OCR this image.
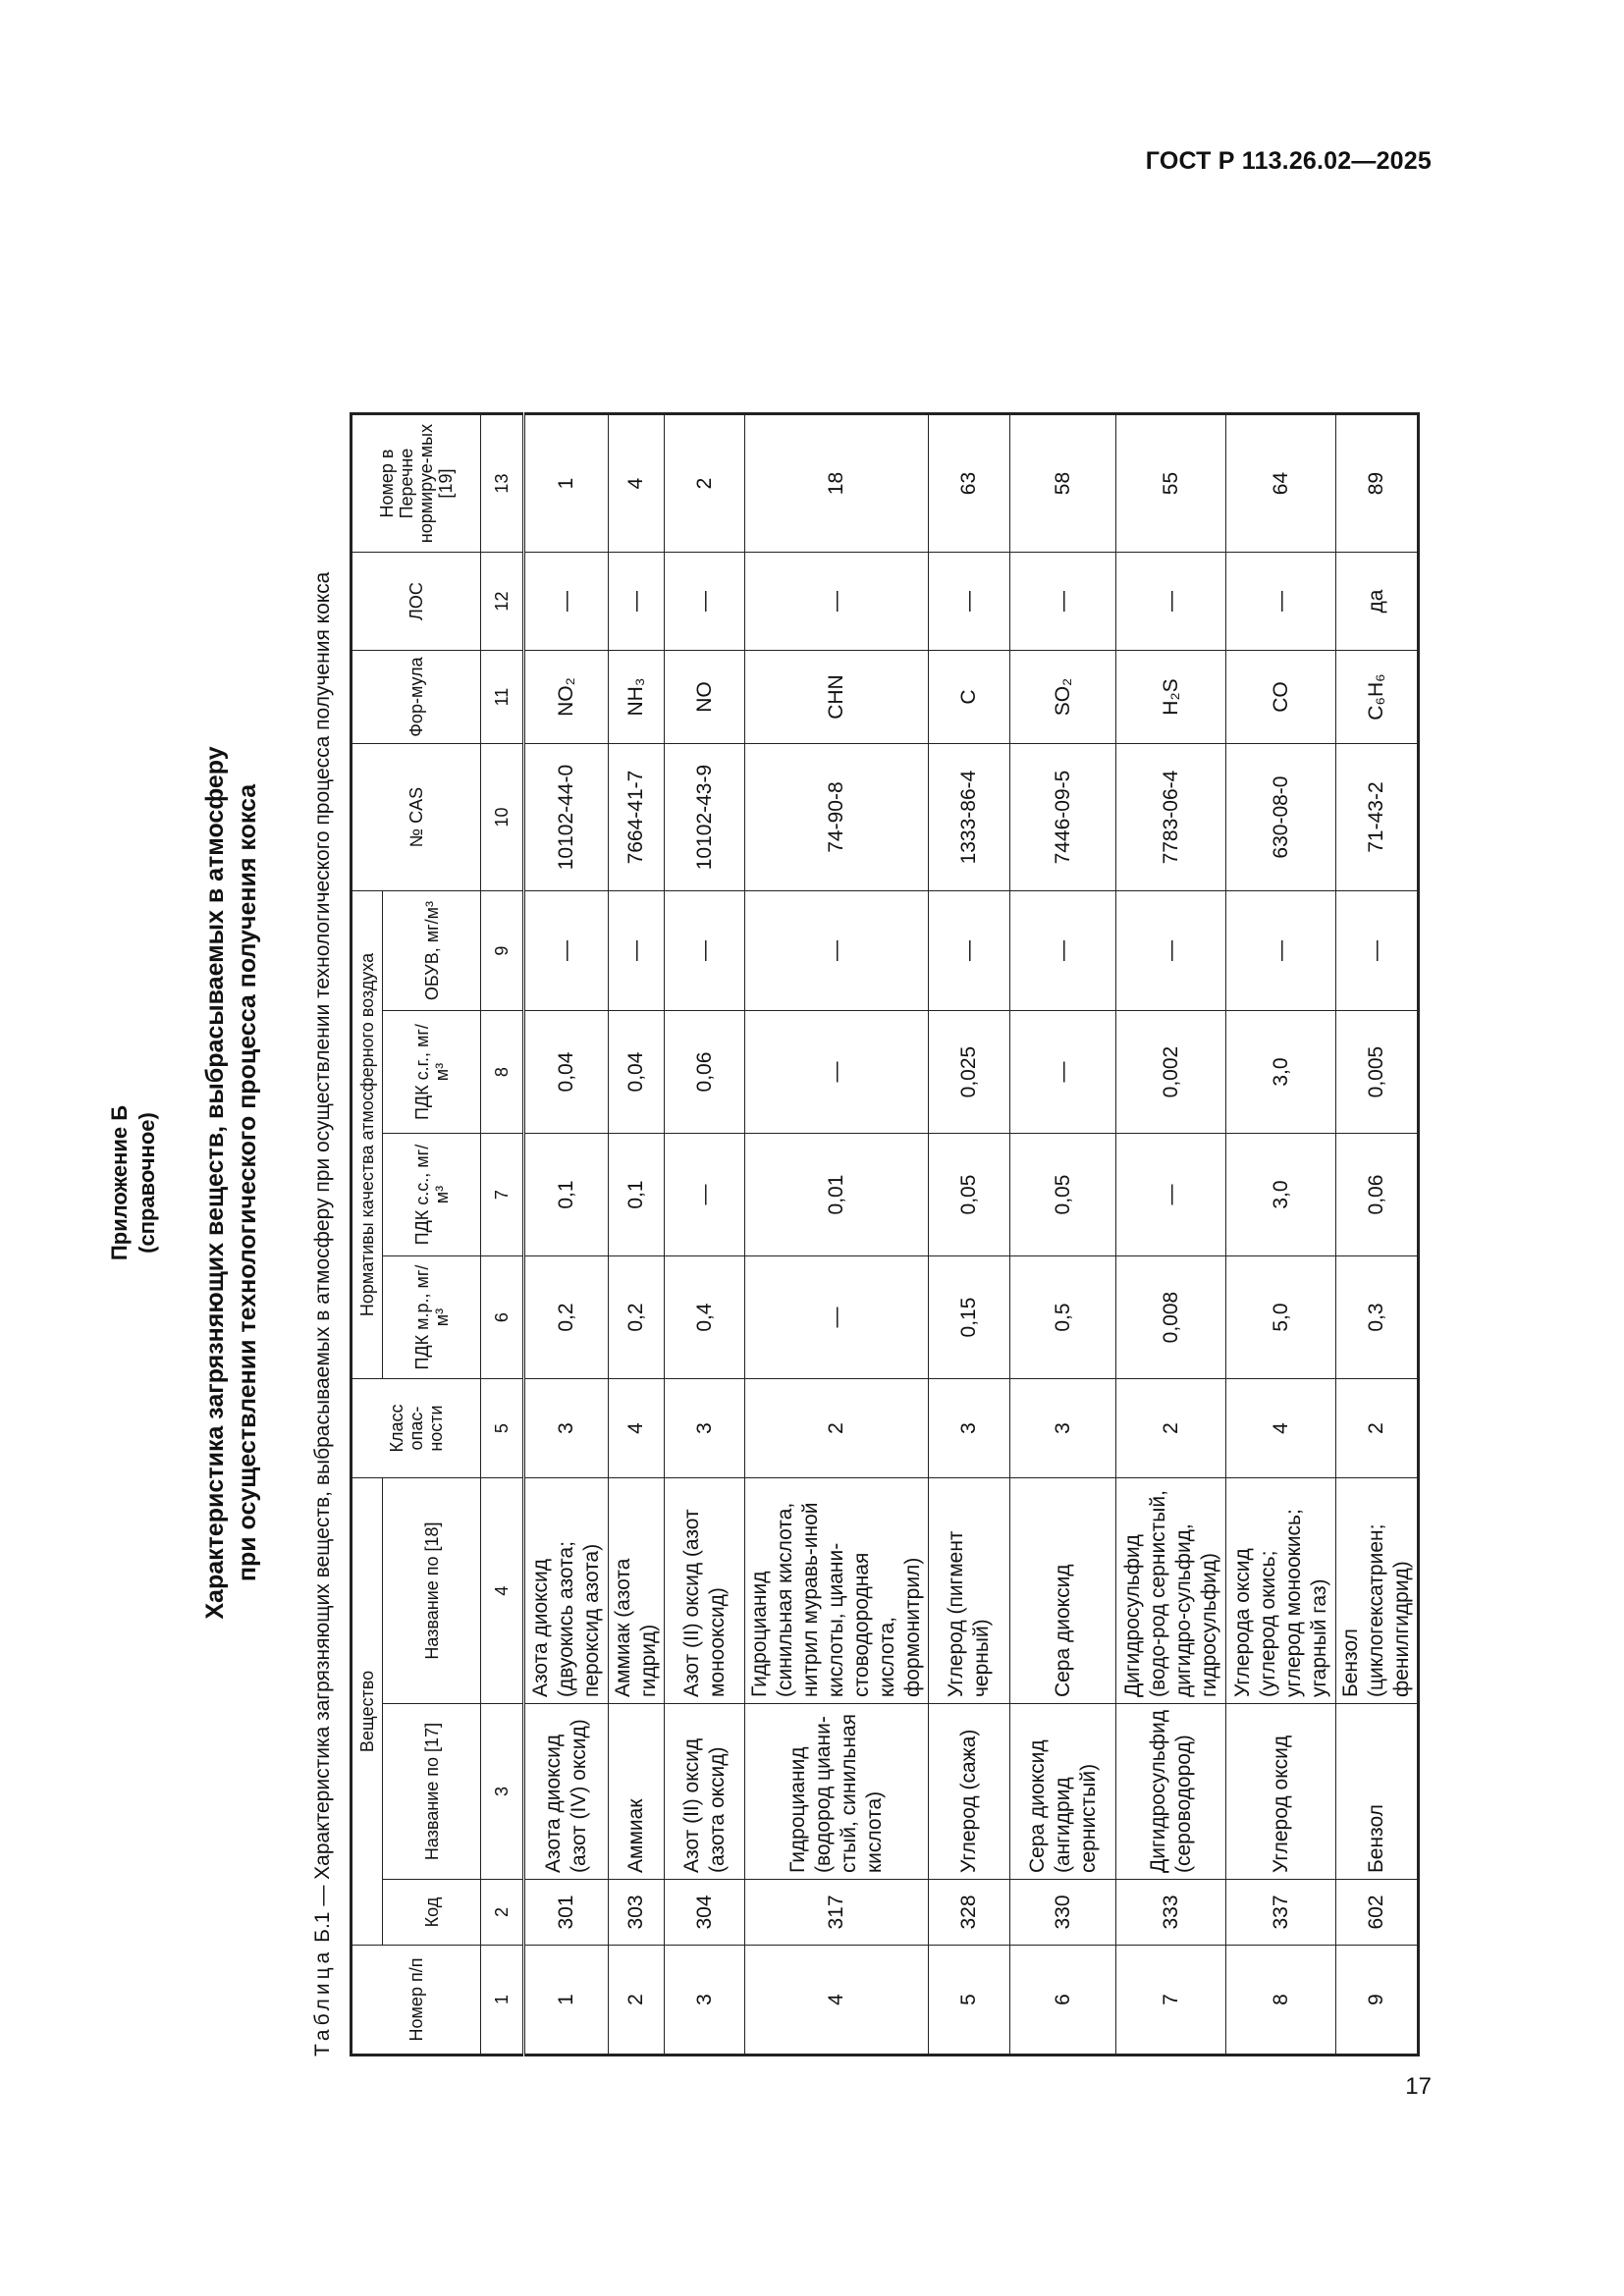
ГОСТ Р 113.26.02—2025
Приложение Б (справочное) Характеристика загрязняющих веществ, выбрасываемых в атмосферу при осуществлении технологического процесса получения кокса
Таблица Б.1 — Характеристика загрязняющих веществ, выбрасываемых в атмосферу при осуществлении технологического процесса получения кокса
Номер п/п	Вещество			Класс опас-ности	Нормативы качества атмосферного воздуха				№ CAS	Фор-мула	ЛОС	Номер в Перечне нормируе-мых [19]
	Код	Название по [17]	Название по [18]		ПДК м.р., мг/м³	ПДК с.с., мг/м³	ПДК с.г., мг/м³	ОБУВ, мг/м³				
1	2	3	4	5	6	7	8	9	10	11	12	13
1	301	Азота диоксид (азот (IV) оксид)	Азота диоксид (двуокись азота; пероксид азота)	3	0,2	0,1	0,04	—	10102-44-0	NO₂	—	1
2	303	Аммиак	Аммиак (азота гидрид)	4	0,2	0,1	0,04	—	7664-41-7	NH₃	—	4
3	304	Азот (II) оксид (азота оксид)	Азот (II) оксид (азот монооксид)	3	0,4	—	0,06	—	10102-43-9	NO	—	2
4	317	Гидроцианид (водород циани-стый, синильная кислота)	Гидроцианид (синильная кислота, нитрил муравь-иной кислоты, циани-стоводородная кислота, формонитрил)	2	—	0,01	—	—	74-90-8	CHN	—	18
5	328	Углерод (сажа)	Углерод (пигмент черный)	3	0,15	0,05	0,025	—	1333-86-4	C	—	63
6	330	Сера диоксид (ангидрид сернистый)	Сера диоксид	3	0,5	0,05	—	—	7446-09-5	SO₂	—	58
7	333	Дигидросульфид (сероводород)	Дигидросульфид (водо-род сернистый, дигидро-сульфид, гидросульфид)	2	0,008	—	0,002	—	7783-06-4	H₂S	—	55
8	337	Углерод оксид	Углерода оксид (углерод окись; углерод моноокись; угарный газ)	4	5,0	3,0	3,0	—	630-08-0	CO	—	64
9	602	Бензол	Бензол (циклогексатриен; фенилгидрид)	2	0,3	0,06	0,005	—	71-43-2	C₆H₆	да	89
17
